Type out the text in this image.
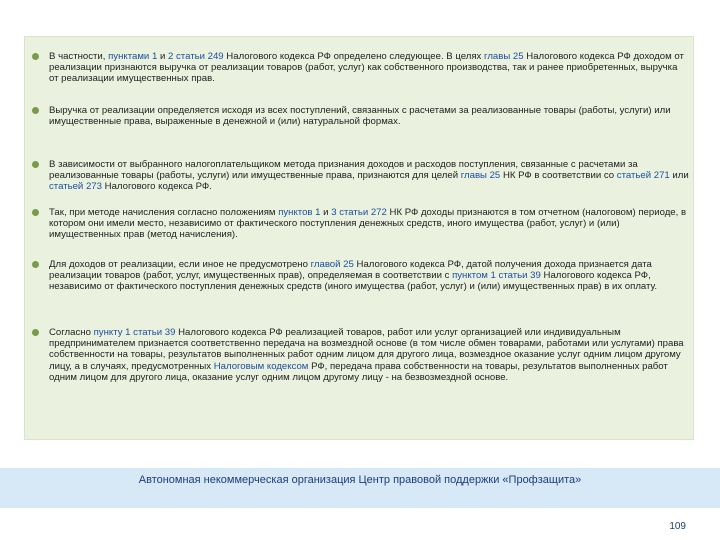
В частности, пунктами 1 и 2 статьи 249 Налогового кодекса РФ определено следующее. В целях главы 25 Налогового кодекса РФ доходом от реализации признаются выручка от реализации товаров (работ, услуг) как собственного производства, так и ранее приобретенных, выручка от реализации имущественных прав.
Выручка от реализации определяется исходя из всех поступлений, связанных с расчетами за реализованные товары (работы, услуги) или имущественные права, выраженные в денежной и (или) натуральной формах.
В зависимости от выбранного налогоплательщиком метода признания доходов и расходов поступления, связанные с расчетами за реализованные товары (работы, услуги) или имущественные права, признаются для целей главы 25 НК РФ в соответствии со статьей 271 или статьей 273 Налогового кодекса РФ.
Так, при методе начисления согласно положениям пунктов 1 и 3 статьи 272 НК РФ доходы признаются в том отчетном (налоговом) периоде, в котором они имели место, независимо от фактического поступления денежных средств, иного имущества (работ, услуг) и (или) имущественных прав (метод начисления).
Для доходов от реализации, если иное не предусмотрено главой 25 Налогового кодекса РФ, датой получения дохода признается дата реализации товаров (работ, услуг, имущественных прав), определяемая в соответствии с пунктом 1 статьи 39 Налогового кодекса РФ, независимо от фактического поступления денежных средств (иного имущества (работ, услуг) и (или) имущественных прав) в их оплату.
Согласно пункту 1 статьи 39 Налогового кодекса РФ реализацией товаров, работ или услуг организацией или индивидуальным предпринимателем признается соответственно передача на возмездной основе (в том числе обмен товарами, работами или услугами) права собственности на товары, результатов выполненных работ одним лицом для другого лица, возмездное оказание услуг одним лицом другому лицу, а в случаях, предусмотренных Налоговым кодексом РФ, передача права собственности на товары, результатов выполненных работ одним лицом для другого лица, оказание услуг одним лицом другому лицу - на безвозмездной основе.
Автономная некоммерческая организация Центр правовой поддержки «Профзащита»
109
